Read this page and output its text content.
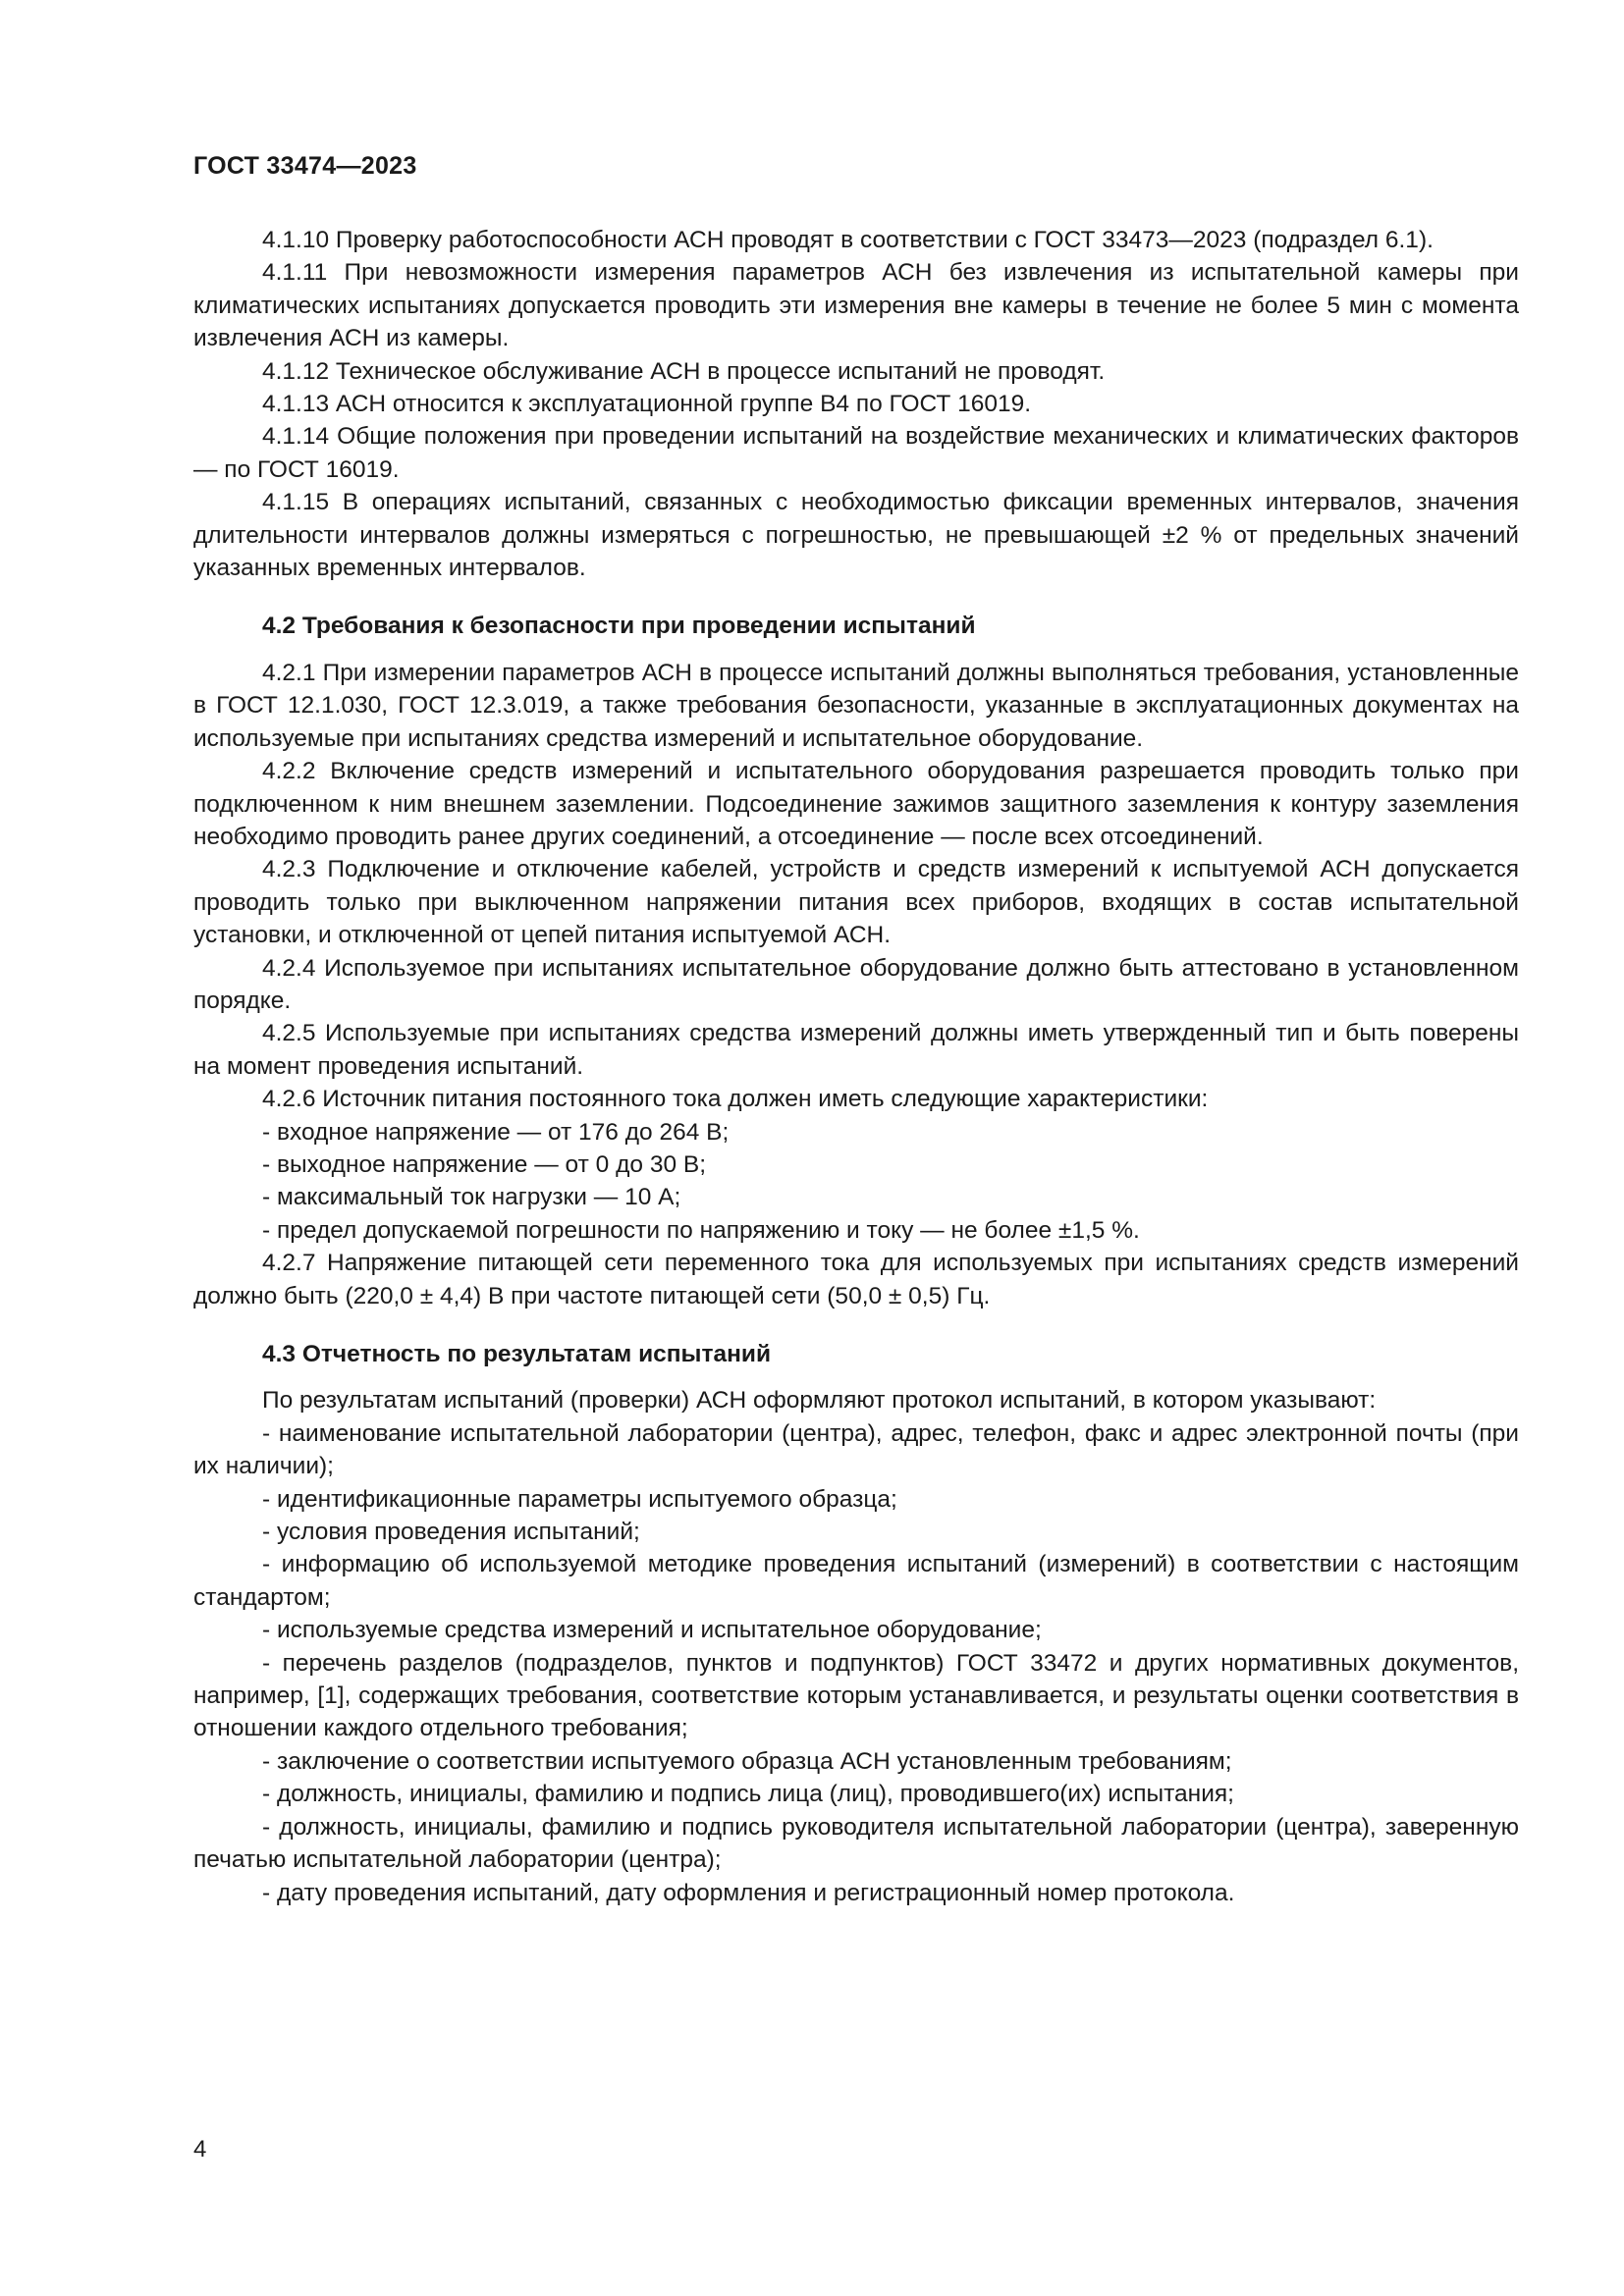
ГОСТ 33474—2023

4.1.10 Проверку работоспособности АСН проводят в соответствии с ГОСТ 33473—2023 (подраздел 6.1).

4.1.11 При невозможности измерения параметров АСН без извлечения из испытательной камеры при климатических испытаниях допускается проводить эти измерения вне камеры в течение не более 5 мин с момента извлечения АСН из камеры.

4.1.12 Техническое обслуживание АСН в процессе испытаний не проводят.

4.1.13 АСН относится к эксплуатационной группе В4 по ГОСТ 16019.

4.1.14 Общие положения при проведении испытаний на воздействие механических и климатических факторов — по ГОСТ 16019.

4.1.15 В операциях испытаний, связанных с необходимостью фиксации временных интервалов, значения длительности интервалов должны измеряться с погрешностью, не превышающей ±2 % от предельных значений указанных временных интервалов.

4.2 Требования к безопасности при проведении испытаний

4.2.1 При измерении параметров АСН в процессе испытаний должны выполняться требования, установленные в ГОСТ 12.1.030, ГОСТ 12.3.019, а также требования безопасности, указанные в эксплуатационных документах на используемые при испытаниях средства измерений и испытательное оборудование.

4.2.2 Включение средств измерений и испытательного оборудования разрешается проводить только при подключенном к ним внешнем заземлении. Подсоединение зажимов защитного заземления к контуру заземления необходимо проводить ранее других соединений, а отсоединение — после всех отсоединений.

4.2.3 Подключение и отключение кабелей, устройств и средств измерений к испытуемой АСН допускается проводить только при выключенном напряжении питания всех приборов, входящих в состав испытательной установки, и отключенной от цепей питания испытуемой АСН.

4.2.4 Используемое при испытаниях испытательное оборудование должно быть аттестовано в установленном порядке.

4.2.5 Используемые при испытаниях средства измерений должны иметь утвержденный тип и быть поверены на момент проведения испытаний.

4.2.6 Источник питания постоянного тока должен иметь следующие характеристики:

- входное напряжение — от 176 до 264 В;

- выходное напряжение — от 0 до 30 В;

- максимальный ток нагрузки — 10 А;

- предел допускаемой погрешности по напряжению и току — не более ±1,5 %.

4.2.7 Напряжение питающей сети переменного тока для используемых при испытаниях средств измерений должно быть (220,0 ± 4,4) В при частоте питающей сети (50,0 ± 0,5) Гц.

4.3 Отчетность по результатам испытаний

По результатам испытаний (проверки) АСН оформляют протокол испытаний, в котором указывают:

- наименование испытательной лаборатории (центра), адрес, телефон, факс и адрес электронной почты (при их наличии);

- идентификационные параметры испытуемого образца;

- условия проведения испытаний;

- информацию об используемой методике проведения испытаний (измерений) в соответствии с настоящим стандартом;

- используемые средства измерений и испытательное оборудование;

- перечень разделов (подразделов, пунктов и подпунктов) ГОСТ 33472 и других нормативных документов, например, [1], содержащих требования, соответствие которым устанавливается, и результаты оценки соответствия в отношении каждого отдельного требования;

- заключение о соответствии испытуемого образца АСН установленным требованиям;

- должность, инициалы, фамилию и подпись лица (лиц), проводившего(их) испытания;

- должность, инициалы, фамилию и подпись руководителя испытательной лаборатории (центра), заверенную печатью испытательной лаборатории (центра);

- дату проведения испытаний, дату оформления и регистрационный номер протокола.

4
